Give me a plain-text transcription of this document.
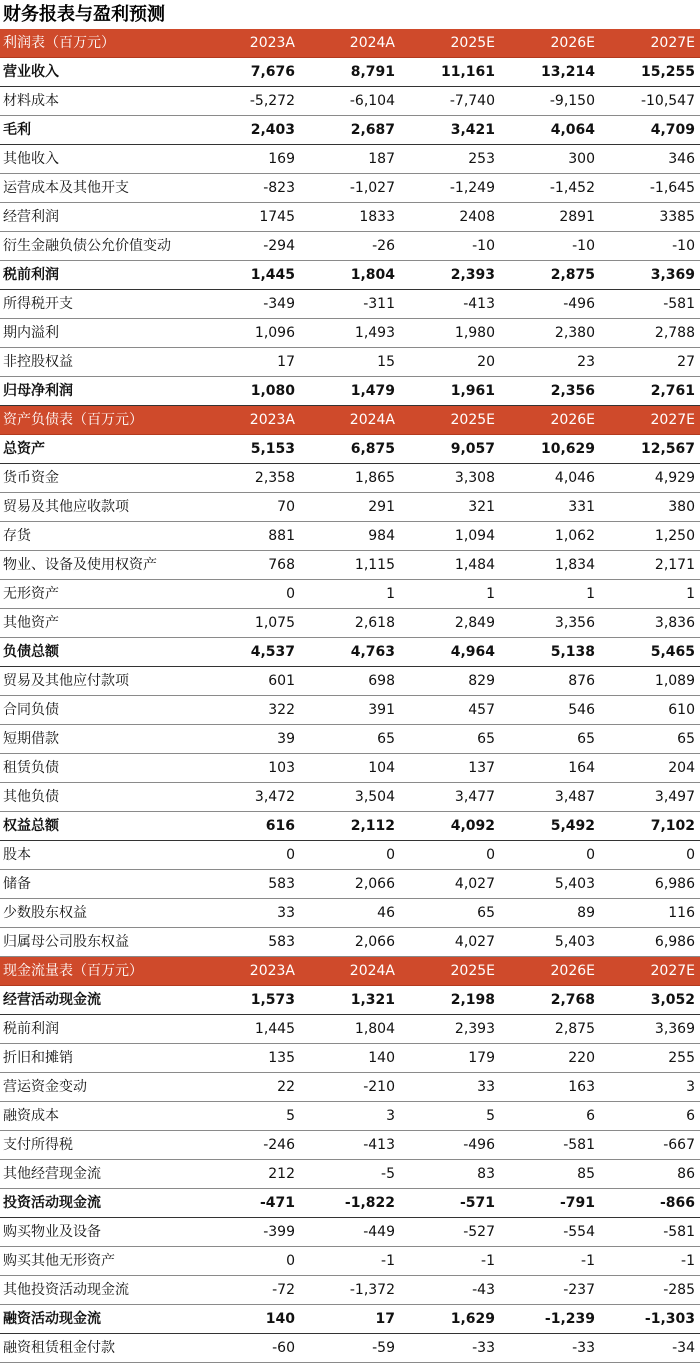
财务报表与盈利预测
利润表（百万元）	2023A	2024A	2025E	2026E	2027E
营业收入	7,676	8,791	11,161	13,214	15,255
材料成本	-5,272	-6,104	-7,740	-9,150	-10,547
毛利	2,403	2,687	3,421	4,064	4,709
其他收入	169	187	253	300	346
运营成本及其他开支	-823	-1,027	-1,249	-1,452	-1,645
经营利润	1745	1833	2408	2891	3385
衍生金融负债公允价值变动	-294	-26	-10	-10	-10
税前利润	1,445	1,804	2,393	2,875	3,369
所得税开支	-349	-311	-413	-496	-581
期内溢利	1,096	1,493	1,980	2,380	2,788
非控股权益	17	15	20	23	27
归母净利润	1,080	1,479	1,961	2,356	2,761
资产负债表（百万元）	2023A	2024A	2025E	2026E	2027E
总资产	5,153	6,875	9,057	10,629	12,567
货币资金	2,358	1,865	3,308	4,046	4,929
贸易及其他应收款项	70	291	321	331	380
存货	881	984	1,094	1,062	1,250
物业、设备及使用权资产	768	1,115	1,484	1,834	2,171
无形资产	0	1	1	1	1
其他资产	1,075	2,618	2,849	3,356	3,836
负债总额	4,537	4,763	4,964	5,138	5,465
贸易及其他应付款项	601	698	829	876	1,089
合同负债	322	391	457	546	610
短期借款	39	65	65	65	65
租赁负债	103	104	137	164	204
其他负债	3,472	3,504	3,477	3,487	3,497
权益总额	616	2,112	4,092	5,492	7,102
股本	0	0	0	0	0
储备	583	2,066	4,027	5,403	6,986
少数股东权益	33	46	65	89	116
归属母公司股东权益	583	2,066	4,027	5,403	6,986
现金流量表（百万元）	2023A	2024A	2025E	2026E	2027E
经营活动现金流	1,573	1,321	2,198	2,768	3,052
税前利润	1,445	1,804	2,393	2,875	3,369
折旧和摊销	135	140	179	220	255
营运资金变动	22	-210	33	163	3
融资成本	5	3	5	6	6
支付所得税	-246	-413	-496	-581	-667
其他经营现金流	212	-5	83	85	86
投资活动现金流	-471	-1,822	-571	-791	-866
购买物业及设备	-399	-449	-527	-554	-581
购买其他无形资产	0	-1	-1	-1	-1
其他投资活动现金流	-72	-1,372	-43	-237	-285
融资活动现金流	140	17	1,629	-1,239	-1,303
融资租赁租金付款	-60	-59	-33	-33	-34
